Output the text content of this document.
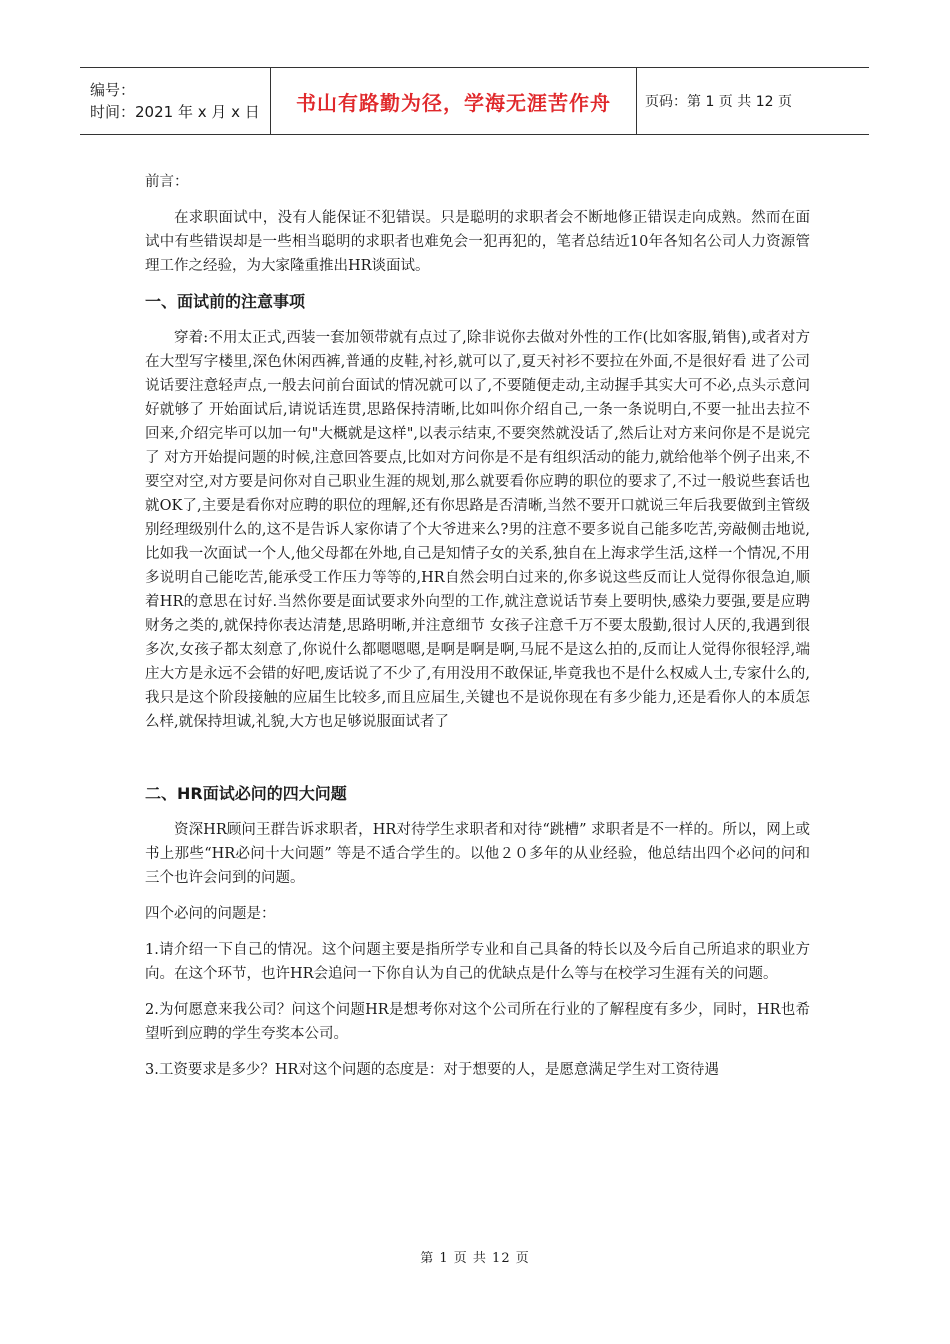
编号：
时间：2021 年 x 月 x 日	书山有路勤为径，学海无涯苦作舟 页码：第 1 页 共 12 页

前言：

在求职面试中，没有人能保证不犯错误。只是聪明的求职者会不断地修正错误走向成熟。然而在面试中有些错误却是一些相当聪明的求职者也难免会一犯再犯的，笔者总结近10年各知名公司人力资源管理工作之经验，为大家隆重推出HR谈面试。

一、面试前的注意事项

穿着:不用太正式,西装一套加领带就有点过了,除非说你去做对外性的工作(比如客服,销售),或者对方在大型写字楼里,深色休闲西裤,普通的皮鞋,衬衫,就可以了,夏天衬衫不要拉在外面,不是很好看 进了公司说话要注意轻声点,一般去问前台面试的情况就可以了,不要随便走动,主动握手其实大可不必,点头示意问好就够了 开始面试后,请说话连贯,思路保持清晰,比如叫你介绍自己,一条一条说明白,不要一扯出去拉不回来,介绍完毕可以加一句"大概就是这样",以表示结束,不要突然就没话了,然后让对方来问你是不是说完了 对方开始提问题的时候,注意回答要点,比如对方问你是不是有组织活动的能力,就给他举个例子出来,不要空对空,对方要是问你对自己职业生涯的规划,那么就要看你应聘的职位的要求了,不过一般说些套话也就OK了,主要是看你对应聘的职位的理解,还有你思路是否清晰,当然不要开口就说三年后我要做到主管级别经理级别什么的,这不是告诉人家你请了个大爷进来么?男的注意不要多说自己能多吃苦,旁敲侧击地说,比如我一次面试一个人,他父母都在外地,自己是知情子女的关系,独自在上海求学生活,这样一个情况,不用多说明自己能吃苦,能承受工作压力等等的,HR自然会明白过来的,你多说这些反而让人觉得你很急迫,顺着HR的意思在讨好.当然你要是面试要求外向型的工作,就注意说话节奏上要明快,感染力要强,要是应聘财务之类的,就保持你表达清楚,思路明晰,并注意细节 女孩子注意千万不要太殷勤,很讨人厌的,我遇到很多次,女孩子都太刻意了,你说什么都嗯嗯嗯,是啊是啊是啊,马屁不是这么拍的,反而让人觉得你很轻浮,端庄大方是永远不会错的好吧,废话说了不少了,有用没用不敢保证,毕竟我也不是什么权威人士,专家什么的,我只是这个阶段接触的应届生比较多,而且应届生,关键也不是说你现在有多少能力,还是看你人的本质怎么样,就保持坦诚,礼貌,大方也足够说服面试者了

二、HR面试必问的四大问题

资深HR顾问王群告诉求职者，HR对待学生求职者和对待“跳槽” 求职者是不一样的。所以，网上或书上那些“HR必问十大问题” 等是不适合学生的。以他２０多年的从业经验，他总结出四个必问的问和三个也许会问到的问题。

四个必问的问题是：

1.请介绍一下自己的情况。这个问题主要是指所学专业和自己具备的特长以及今后自己所追求的职业方向。在这个环节，也许HR会追问一下你自认为自己的优缺点是什么等与在校学习生涯有关的问题。

2.为何愿意来我公司？问这个问题HR是想考你对这个公司所在行业的了解程度有多少，同时，HR也希望听到应聘的学生夸奖本公司。

3.工资要求是多少？HR对这个问题的态度是：对于想要的人，是愿意满足学生对工资待遇

第 1 页 共 12 页
